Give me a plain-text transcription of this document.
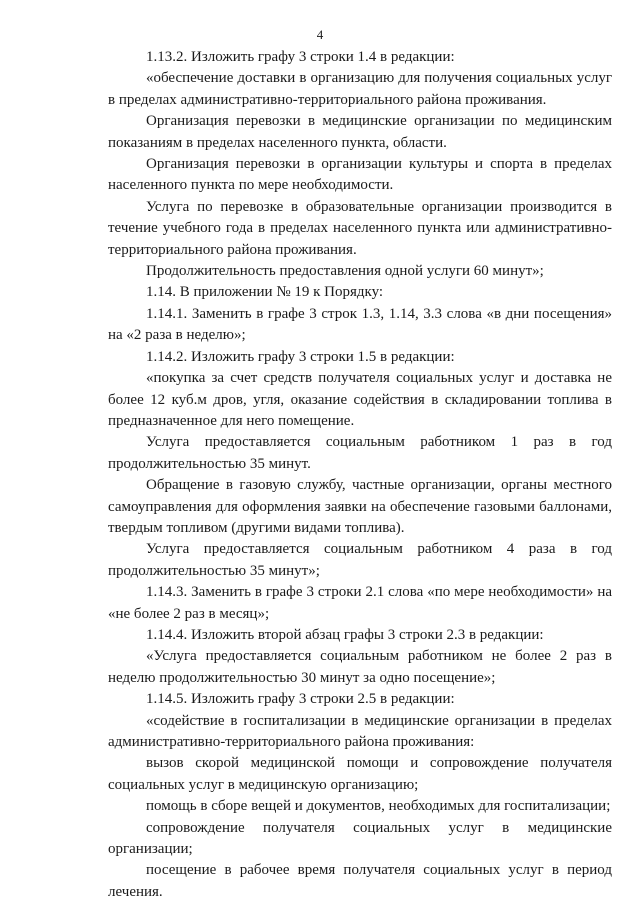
4

1.13.2. Изложить графу 3 строки 1.4 в редакции:

«обеспечение доставки в организацию для получения социальных услуг в пределах административно-территориального района проживания.

Организация перевозки в медицинские организации по медицинским показаниям в пределах населенного пункта, области.

Организация перевозки в организации культуры и спорта в пределах населенного пункта по мере необходимости.

Услуга по перевозке в образовательные организации производится в течение учебного года в пределах населенного пункта или административно-территориального района проживания.

Продолжительность предоставления одной услуги 60 минут»;

1.14. В приложении № 19 к Порядку:

1.14.1. Заменить в графе 3 строк 1.3, 1.14, 3.3 слова «в дни посещения» на «2 раза в неделю»;

1.14.2. Изложить графу 3 строки 1.5 в редакции:

«покупка за счет средств получателя социальных услуг и доставка не более 12 куб.м дров, угля, оказание содействия в складировании топлива в предназначенное для него помещение.

Услуга предоставляется социальным работником 1 раз в год продолжительностью 35 минут.

Обращение в газовую службу, частные организации, органы местного самоуправления для оформления заявки на обеспечение газовыми баллонами, твердым топливом (другими видами топлива).

Услуга предоставляется социальным работником 4 раза в год продолжительностью 35 минут»;

1.14.3. Заменить в графе 3 строки 2.1 слова «по мере необходимости» на «не более 2 раз в месяц»;

1.14.4. Изложить второй абзац графы 3 строки 2.3 в редакции:

«Услуга предоставляется социальным работником не более 2 раз в неделю продолжительностью 30 минут за одно посещение»;

1.14.5. Изложить графу 3 строки 2.5 в редакции:

«содействие в госпитализации в медицинские организации в пределах административно-территориального района проживания:

вызов скорой медицинской помощи и сопровождение получателя социальных услуг в медицинскую организацию;

помощь в сборе вещей и документов, необходимых для госпитализации;

сопровождение получателя социальных услуг в медицинские организации;

посещение в рабочее время получателя социальных услуг в период лечения.
